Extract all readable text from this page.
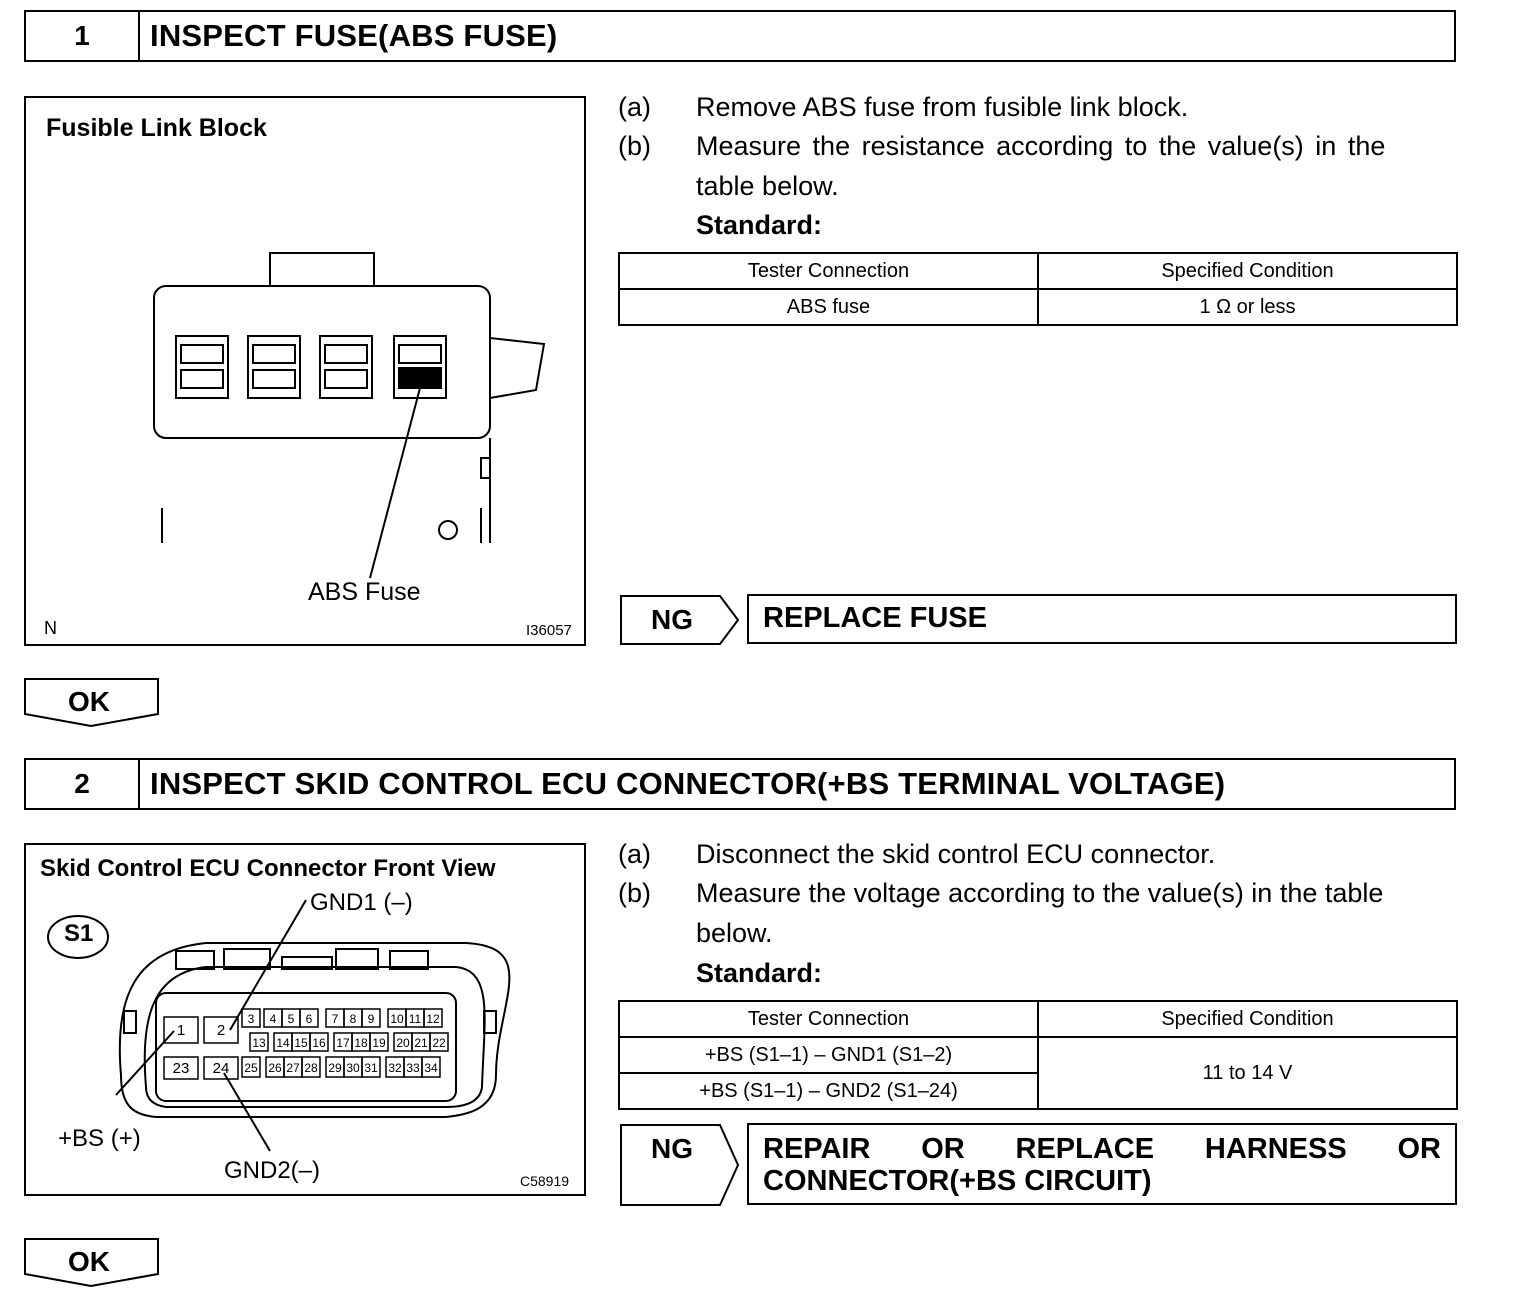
1	INSPECT FUSE(ABS FUSE)
Fusible Link Block
ABS Fuse
N	I36057
(a) Remove ABS fuse from fusible link block.
(b) Measure the resistance according to the value(s) in the
table below.
Standard:
Tester Connection	Specified Condition
ABS fuse	1 Ω or less
NG	REPLACE FUSE
OK
2	INSPECT SKID CONTROL ECU CONNECTOR(+BS TERMINAL VOLTAGE)
Skid Control ECU Connector Front View
1 2
3 4 5 6 7 8 9 10 11 12
13 14 15 16 17 18 19 20 21 22
23 24 25 26 27 28 29 30 31 32 33 34
S1
GND1 (–)
+BS (+)
GND2(–)	C58919
(a) Disconnect the skid control ECU connector.
(b) Measure the voltage according to the value(s) in the table
below.
Standard:
Tester Connection	Specified Condition
+BS (S1–1) – GND1 (S1–2)	11 to 14 V
+BS (S1–1) – GND2 (S1–24)	
NG	REPAIR OR REPLACE HARNESS OR
CONNECTOR(+BS CIRCUIT)
OK
